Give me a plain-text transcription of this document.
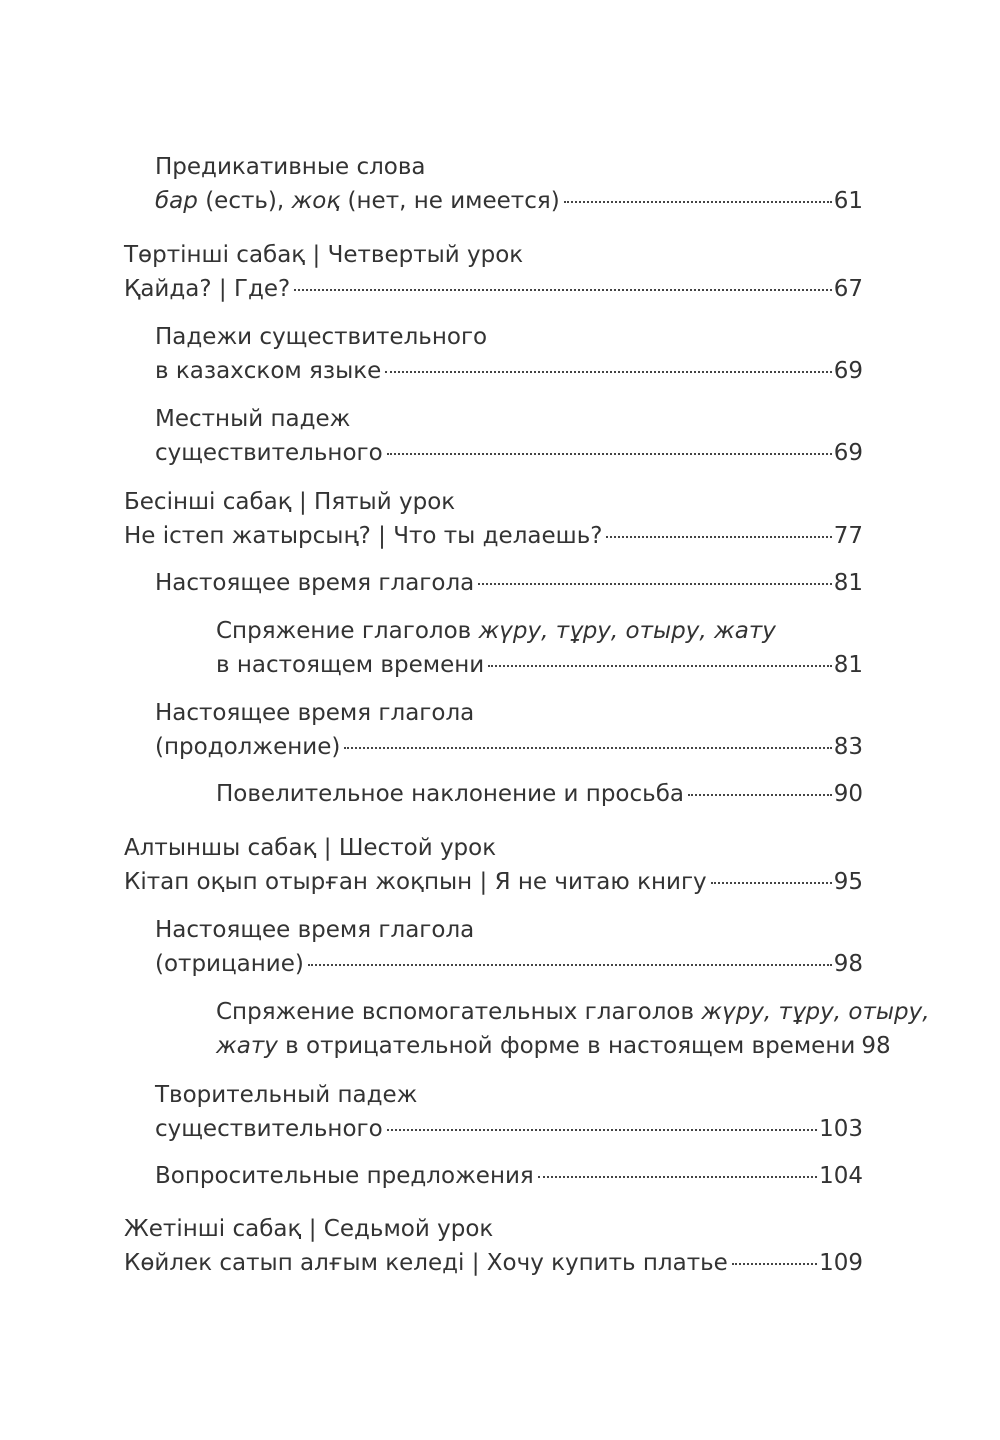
Предикативные слова
бар (есть), жоқ (нет, не имеется)	61
Төртінші сабақ | Четвертый урок
Қайда? | Где?	67
Падежи существительного
в казахском языке	69
Местный падеж
существительного	69
Бесінші сабақ | Пятый урок
Не істеп жатырсың? | Что ты делаешь?	77
Настоящее время глагола	81
Спряжение глаголов жүру, тұру, отыру, жату
в настоящем времени	81
Настоящее время глагола
(продолжение)	83
Повелительное наклонение и просьба	90
Алтыншы сабақ | Шестой урок
Кітап оқып отырған жоқпын | Я не читаю книгу	95
Настоящее время глагола
(отрицание)	98
Спряжение вспомогательных глаголов жүру, тұру, отыру,
жату в отрицательной форме в настоящем времени 98
Творительный падеж
существительного	103
Вопросительные предложения	104
Жетінші сабақ | Седьмой урок
Көйлек сатып алғым келеді | Хочу купить платье	109
